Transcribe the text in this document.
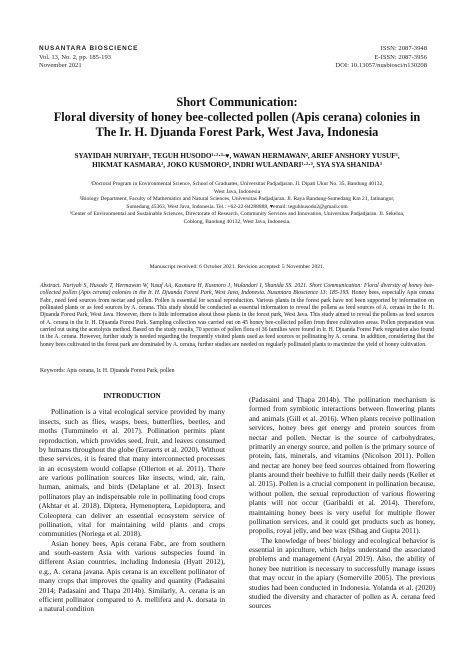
NUSANTARA BIOSCIENCE
Vol. 13, No. 2, pp. 185-193
November 2021
ISSN: 2087-3948
E-ISSN: 2087-3956
DOI: 10.13057/nusbiosci/n130208

Short Communication:

Floral diversity of honey bee-collected pollen (Apis cerana) colonies in

The Ir. H. Djuanda Forest Park, West Java, Indonesia

SYAYIDAH NURIYAH¹, TEGUH HUSODO¹·²·³·♥, WAWAN HERMAWAN², ARIEF ANSHORY YUSUF³,
HIKMAT KASMARA², JOKO KUSMORO², INDRI WULANDARI¹·²·³, SYA SYA SHANIDA³

¹Doctoral Program in Environmental Science, School of Graduates, Universitas Padjadjaran. Jl. Dipati Ukur No. 35, Bandung 40132,

West Java, Indonesia

²Biology Department, Faculty of Mathematics and Natural Sciences, Universitas Padjadjaran. Jl. Raya Bandung-Sumedang Km 21, Jatinangor,

Sumedang 45363, West Java, Indonesia. Tel.: +62-22-84288888, ♥email: teguhhusodo2@gmail.com

³Center of Environmental and Sustainable Sciences, Directorate of Research, Community Services and Innovation, Universitas Padjadjaran. Jl. Sekeloa,

Coblong, Bandung 40132, West Java, Indonesia.

Manuscript received: 6 October 2021. Revision accepted: 5 November 2021.

Abstract. Nuriyah S, Husodo T, Hermawan W, Yusuf AA, Kasmara H, Kusmoro J, Wulandari I, Shanida SS. 2021. Short Communication: Floral diversity of honey bee-collected pollen (Apis cerana) colonies in the Ir. H. Djuanda Forest Park, West Java, Indonesia. Nusantara Bioscience 13: 185-193. Honey bees, especially Apis cerana Fabr., need feed sources from nectar and pollen. Pollen is essential for sexual reproduction. Various plants in the forest park have not been supported by information on pollinated plants or as feed sources by A. cerana. This study should be conducted as essential information to reveal the pollens as feed sources of A. cerana in the Ir. H. Djuanda Forest Park, West Java. However, there is little information about those plants in the forest park, West Java. This study aimed to reveal the pollens as feed sources of A. cerana in the Ir. H. Djuanda Forest Park. Sampling collection was carried out on 45 honey bee-collected pollen from three cultivation areas. Pollen preparation was carried out using the acetolysis method. Based on the study results, 70 species of pollen flora of 36 families were found in Ir. H. Djuanda Forest Park vegetation also found in the A. cerana. However, further study is needed regarding the frequently visited plants used as feed sources or pollinating by A. cerana. In addition, considering that the honey bees cultivated in the forest park are dominated by A. cerana, further studies are needed on regularly pollinated plants to maximize the yield of honey cultivation.

Keywords: Apis cerana, Ir. H. Djuanda Forest Park, pollen
INTRODUCTION

Pollination is a vital ecological service provided by many insects, such as flies, wasps, bees, butterflies, beetles, and moths (Tumminelo et al. 2017). Pollination permits plant reproduction, which provides seed, fruit, and leaves consumed by humans throughout the globe (Eeraerts et al. 2020). Without these services, it is feared that many interconnected processes in an ecosystem would collapse (Ollerton et al. 2011). There are various pollination sources like insects, wind, air, rain, human, animals, and birds (Delaplane et al. 2013). Insect pollinators play an indispensable role in pollinating food crops (Akhtar et al. 2018). Diptera, Hymenoptera, Lepidoptera, and Coleoptera can deliver an essential ecosystem service of pollination, vital for maintaining wild plants and crops communities (Noriega et al. 2018).

Asian honey bees, Apis cerana Fabr., are from southern and south-eastern Asia with various subspecies found in different Asian countries, including Indonesia (Hyatt 2012), e.g., A. cerana javana. Apis cerana is an excellent pollinator of many crops that improves the quality and quantity (Padasaini 2014; Padasaini and Thapa 2014b). Similarly, A. cerana is an efficient pollinator compared to A. mellifera and A. dorsata in a natural condition

(Padasaini and Thapa 2014b). The pollination mechanism is formed from symbiotic interactions between flowering plants and animals (Gill et al. 2016). When plants receive pollination services, honey bees get energy and protein sources from nectar and pollen. Nectar is the source of carbohydrates, primarily an energy source, and pollen is the primary source of protein, fats, minerals, and vitamins (Nicolson 2011). Pollen and nectar are honey bee feed sources obtained from flowering plants around their beehive to fulfill their daily needs (Keller et al. 2015). Pollen is a crucial component in pollination because, without pollen, the sexual reproduction of various flowering plants will not occur (Garibaldi et al. 2014). Therefore, maintaining honey bees is very useful for multiple flower pollination services, and it could get products such as honey, propolis, royal jelly, and bee wax (Sihag and Gupta 2011).

The knowledge of bees' biology and ecological behavior is essential in apiculture, which helps understand the associated problems and management (Aryal 2019). Also, the ability of honey bee nutrition is necessary to successfully manage issues that may occur in the apiary (Somerville 2005). The previous studies had been conducted in Indonesia. Yolanda et al. (2020) studied the diversity and character of pollen as A. cerana feed sources
